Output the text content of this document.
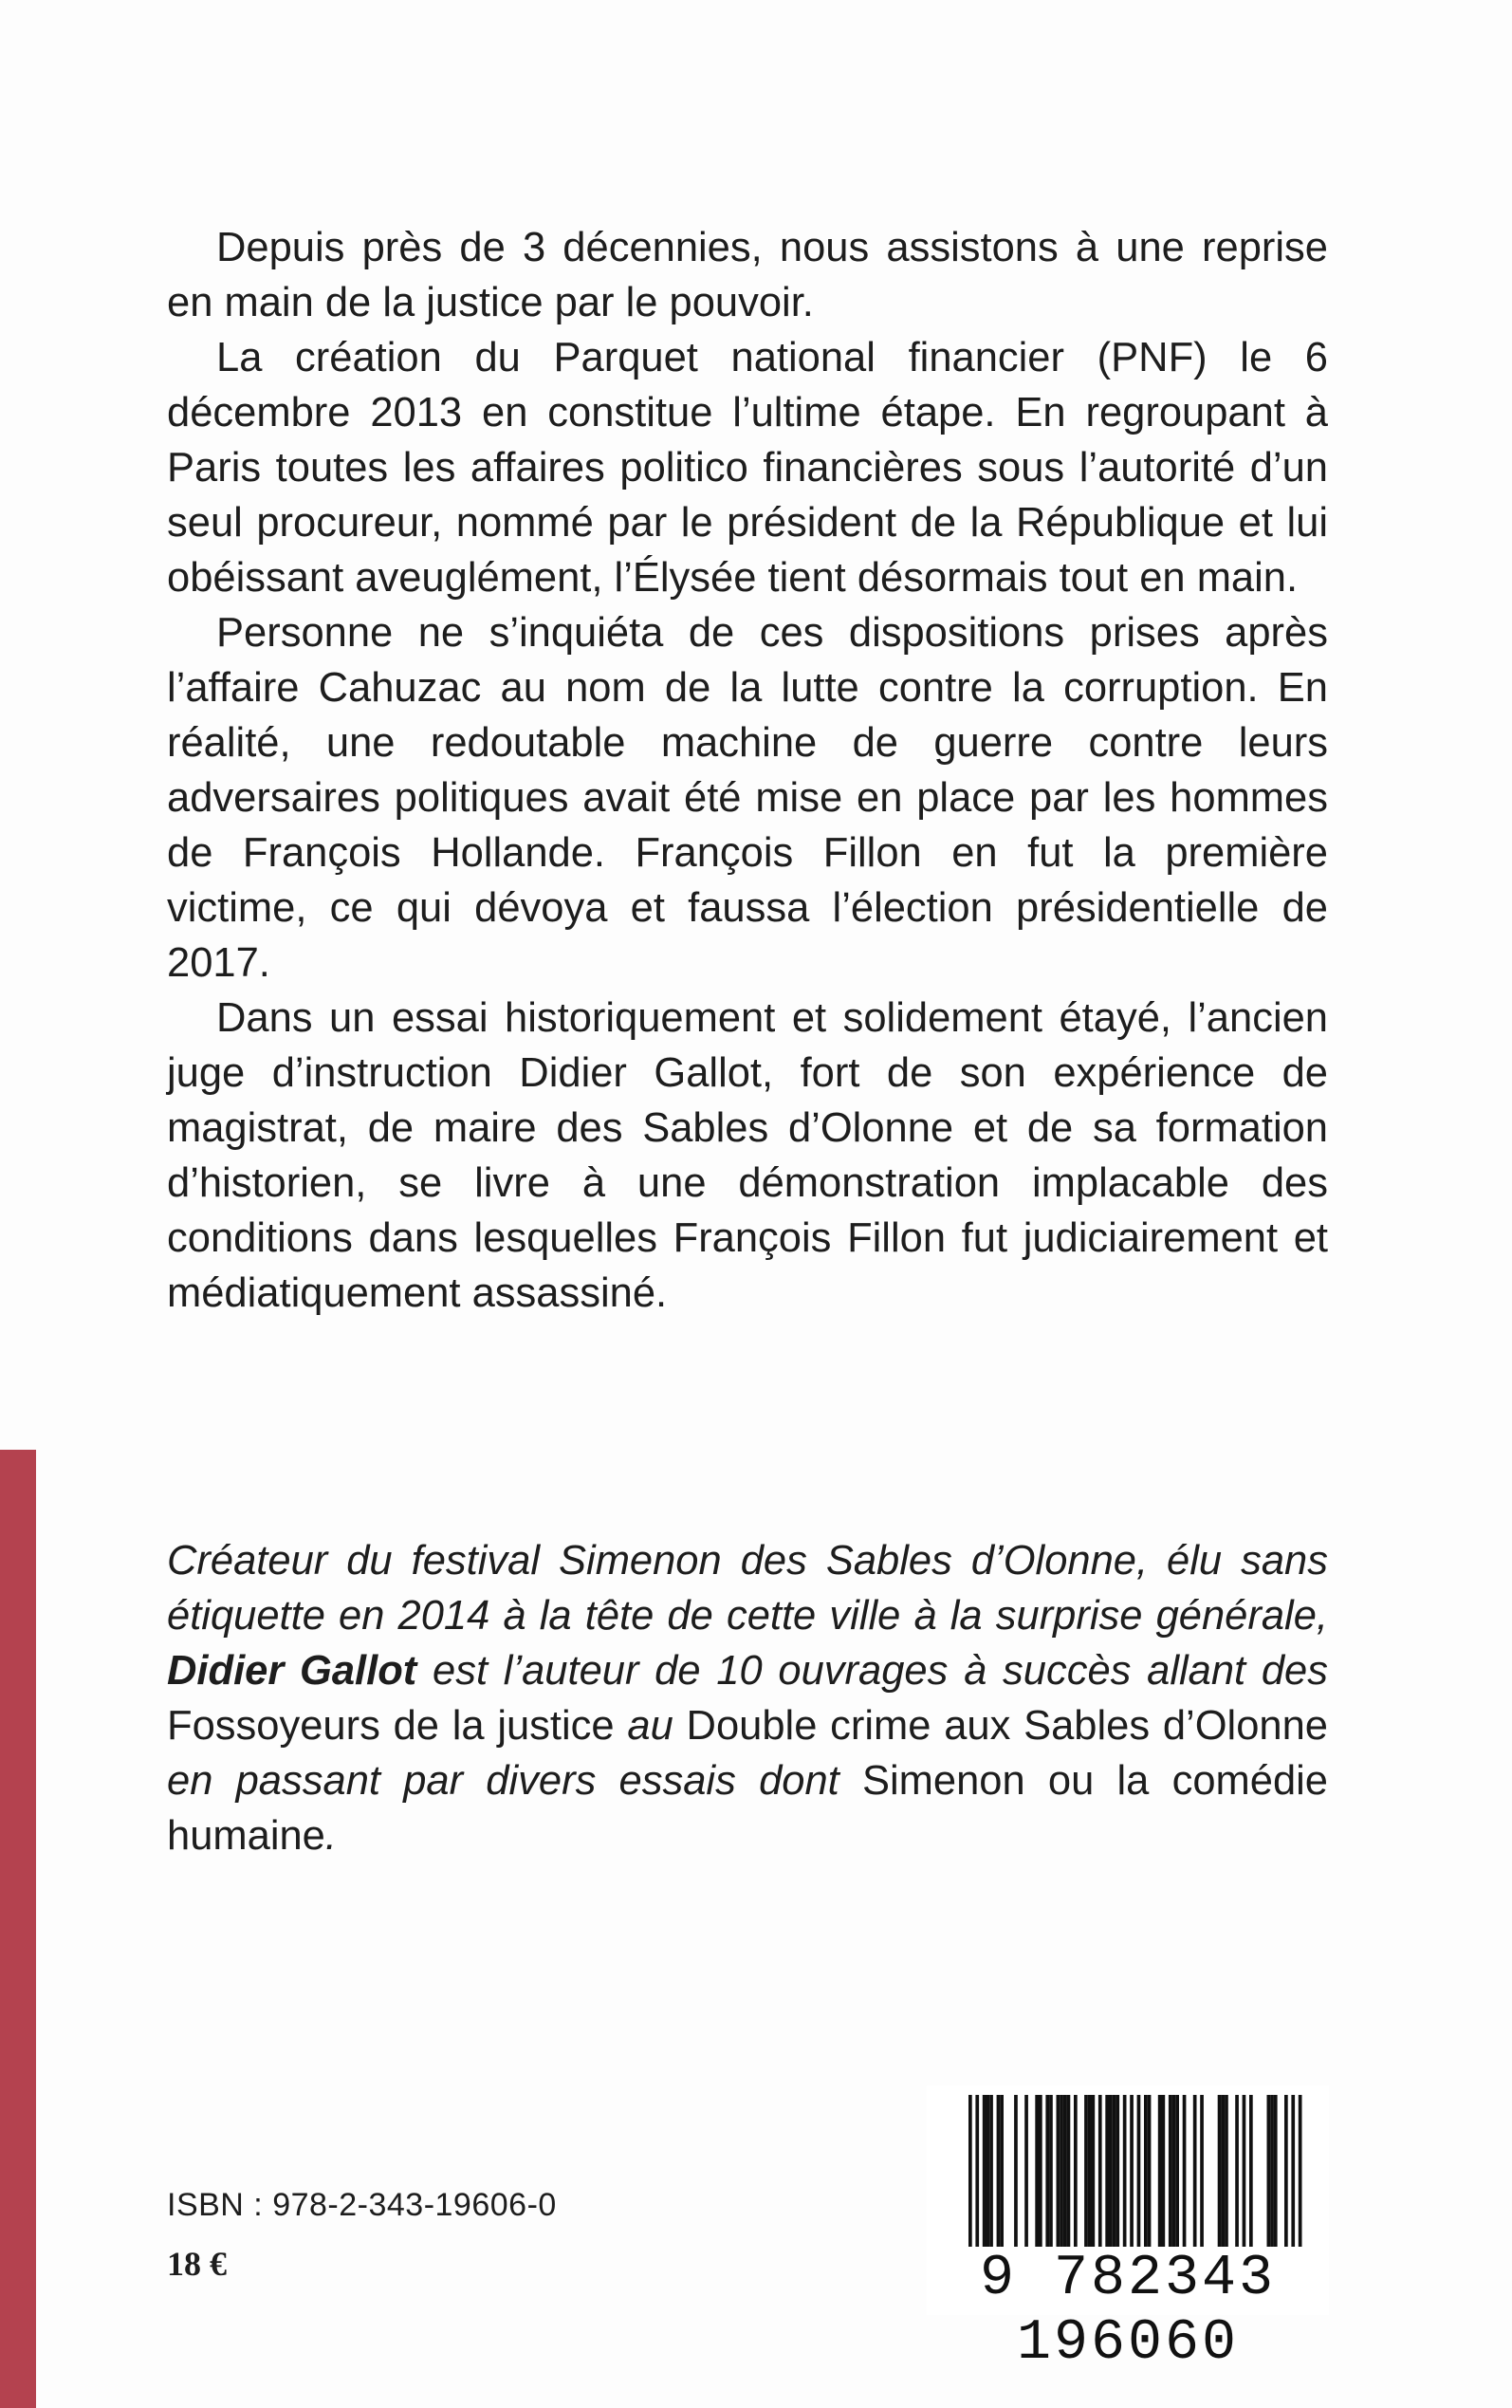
Depuis près de 3 décennies, nous assistons à une reprise en main de la justice par le pouvoir.

La création du Parquet national financier (PNF) le 6 décembre 2013 en constitue l’ultime étape. En regroupant à Paris toutes les affaires politico financières sous l’autorité d’un seul procureur, nommé par le président de la République et lui obéissant aveuglément, l’Élysée tient désormais tout en main.

Personne ne s’inquiéta de ces dispositions prises après l’affaire Cahuzac au nom de la lutte contre la corruption. En réalité, une redoutable machine de guerre contre leurs adversaires politiques avait été mise en place par les hommes de François Hollande. François Fillon en fut la première victime, ce qui dévoya et faussa l’élection présidentielle de 2017.

Dans un essai historiquement et solidement étayé, l’ancien juge d’instruction Didier Gallot, fort de son expérience de magistrat, de maire des Sables d’Olonne et de sa formation d’historien, se livre à une démonstration implacable des conditions dans lesquelles François Fillon fut judiciairement et médiatiquement assassiné.

Créateur du festival Simenon des Sables d’Olonne, élu sans étiquette en 2014 à la tête de cette ville à la surprise générale, Didier Gallot est l’auteur de 10 ouvrages à succès allant des Fossoyeurs de la justice au Double crime aux Sables d’Olonne en passant par divers essais dont Simenon ou la comédie humaine.

ISBN : 978-2-343-19606-0
18 €	9 782343 196060
